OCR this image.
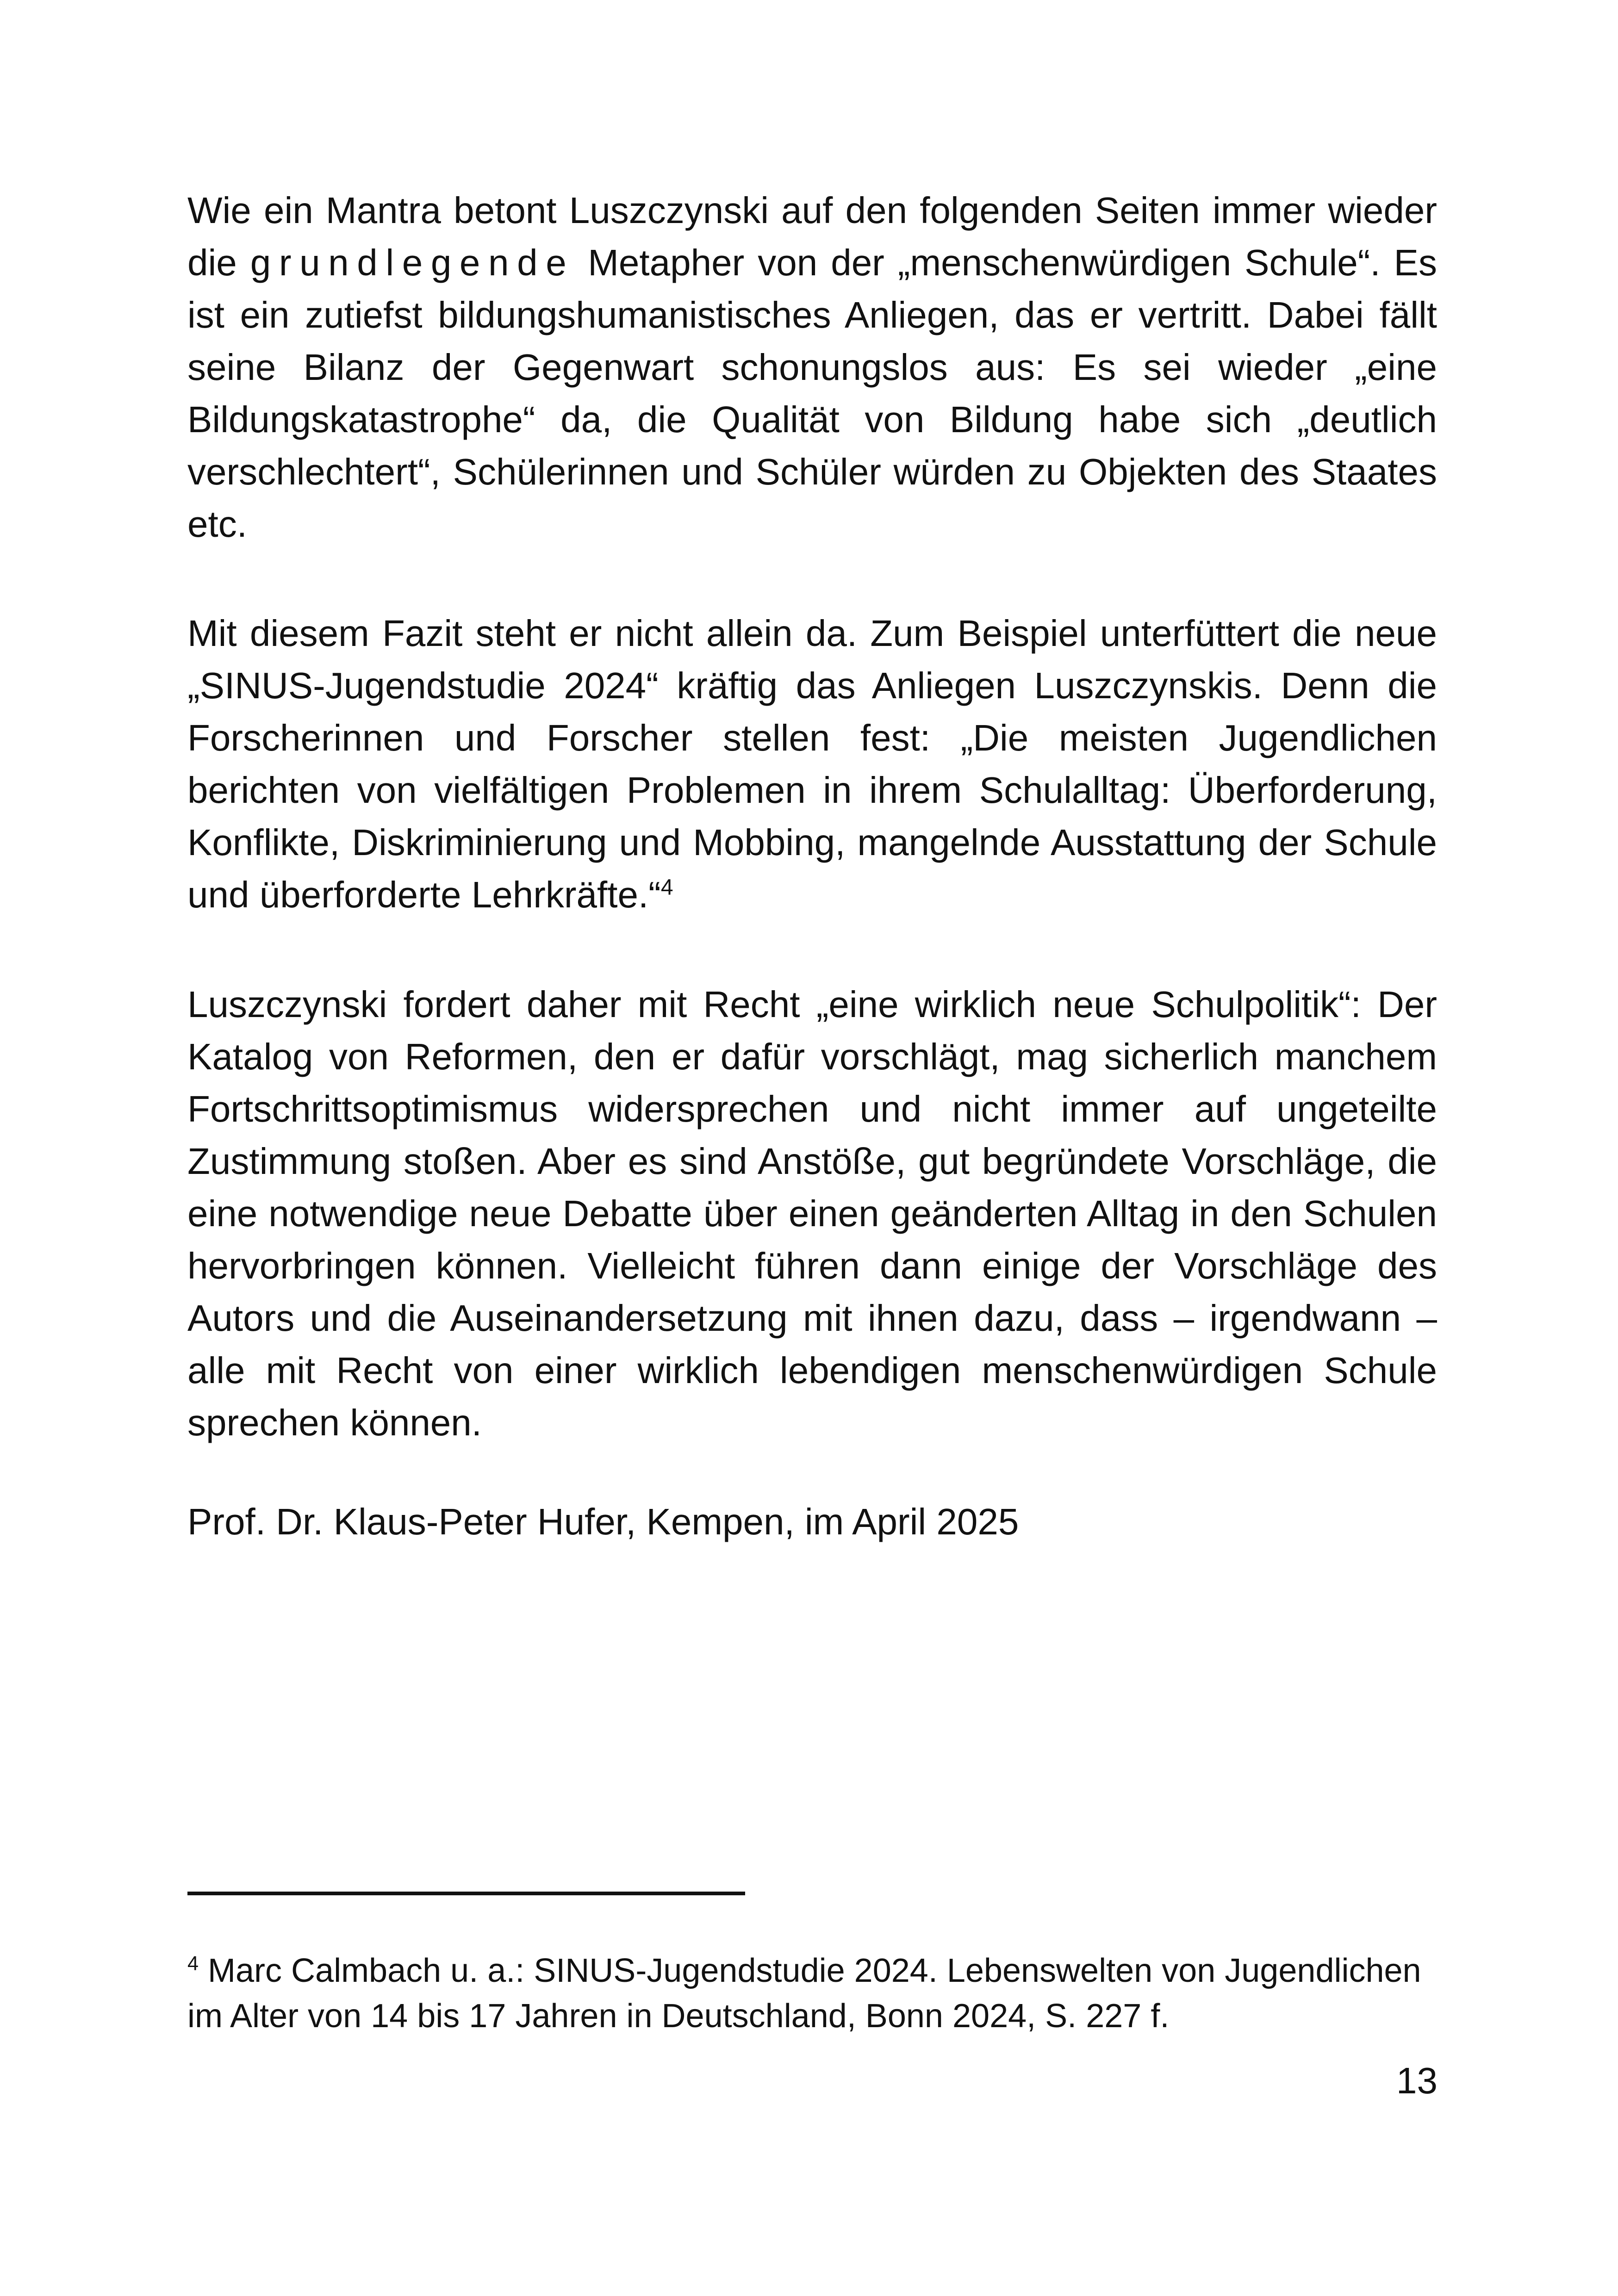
Wie ein Mantra betont Luszczynski auf den folgenden Seiten immer wieder die grundlegende Metapher von der „menschenwürdigen Schule“. Es ist ein zutiefst bildungshumanistisches Anliegen, das er vertritt. Dabei fällt seine Bilanz der Gegenwart schonungslos aus: Es sei wieder „eine Bildungskatastrophe“ da, die Qualität von Bildung habe sich „deutlich verschlechtert“, Schülerinnen und Schüler würden zu Objekten des Staates etc.

Mit diesem Fazit steht er nicht allein da. Zum Beispiel unterfüttert die neue „SINUS-Jugendstudie 2024“ kräftig das Anliegen Luszczynskis. Denn die Forscherinnen und Forscher stellen fest: „Die meisten Jugendlichen berichten von vielfältigen Problemen in ihrem Schulalltag: Überforderung, Konflikte, Diskriminierung und Mobbing, mangelnde Ausstattung der Schule und überforderte Lehrkräfte.“$^4$

Luszczynski fordert daher mit Recht „eine wirklich neue Schulpolitik“: Der Katalog von Reformen, den er dafür vorschlägt, mag sicherlich manchem Fortschrittsoptimismus widersprechen und nicht immer auf ungeteilte Zustimmung stoßen. Aber es sind Anstöße, gut begründete Vorschläge, die eine notwendige neue Debatte über einen geänderten Alltag in den Schulen hervorbringen können. Vielleicht führen dann einige der Vorschläge des Autors und die Auseinandersetzung mit ihnen dazu, dass – irgendwann – alle mit Recht von einer wirklich lebendigen menschenwürdigen Schule sprechen können.

Prof. Dr. Klaus-Peter Hufer, Kempen, im April 2025

$^4$ Marc Calmbach u. a.: SINUS-Jugendstudie 2024. Lebenswelten von Jugendlichen im Alter von 14 bis 17 Jahren in Deutschland, Bonn 2024, S. 227 f.

13
